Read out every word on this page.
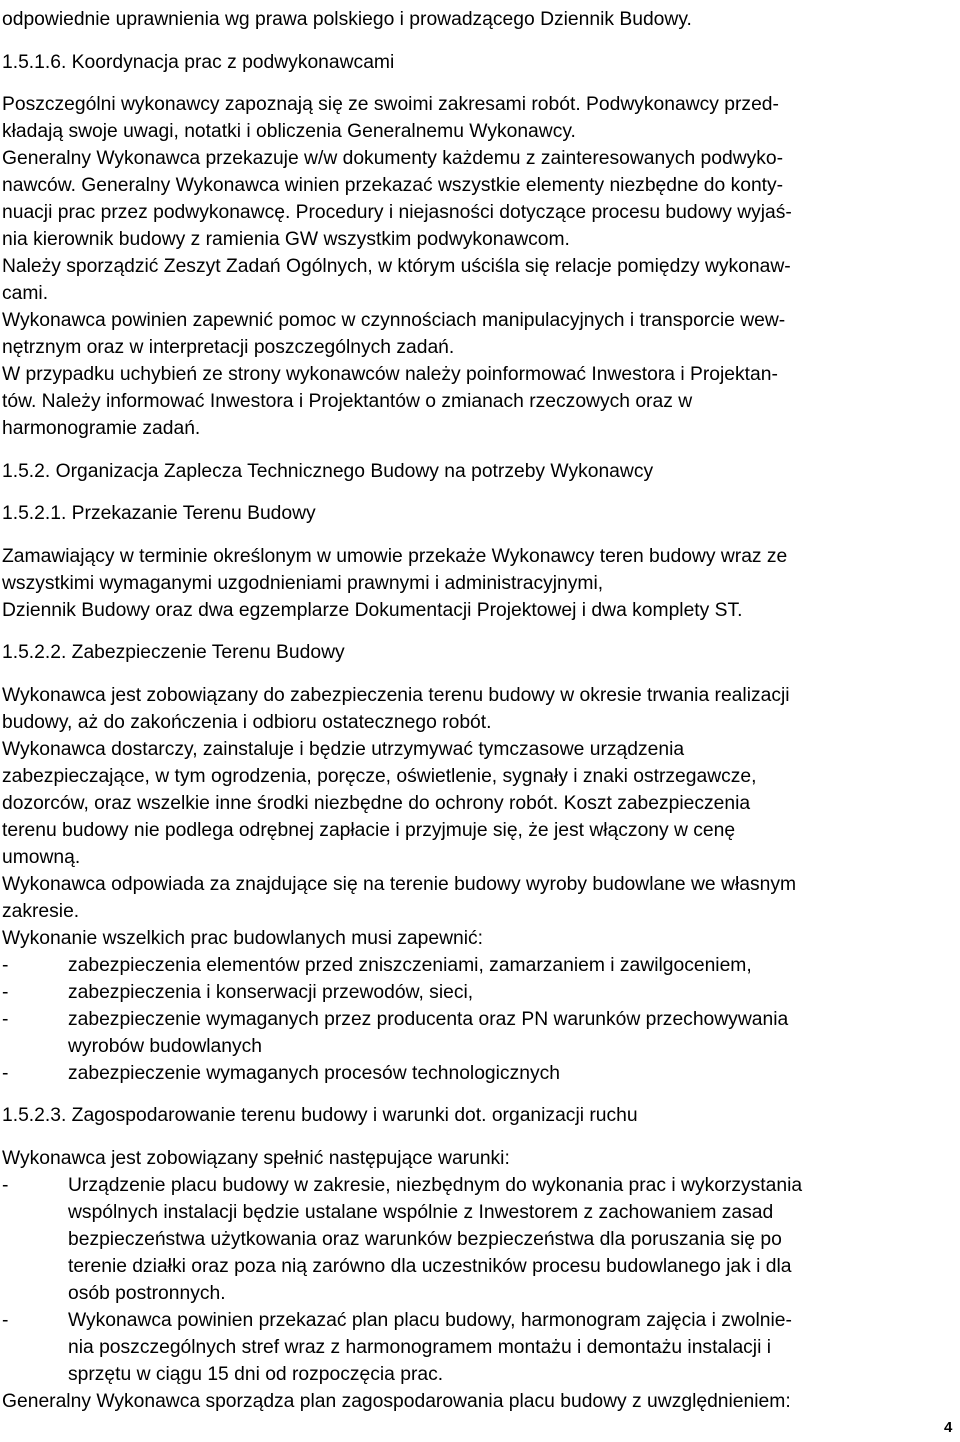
odpowiednie uprawnienia wg prawa polskiego i prowadzącego Dziennik Budowy.
1.5.1.6. Koordynacja prac z podwykonawcami
Poszczególni wykonawcy zapoznają się ze swoimi zakresami robót. Podwykonawcy przed-
kładają swoje uwagi, notatki i obliczenia Generalnemu Wykonawcy.
Generalny Wykonawca przekazuje w/w dokumenty każdemu z zainteresowanych podwyko-
nawców. Generalny Wykonawca winien przekazać wszystkie elementy niezbędne do konty-
nuacji prac przez podwykonawcę. Procedury i niejasności dotyczące procesu budowy wyjaś-
nia kierownik budowy z ramienia GW wszystkim podwykonawcom.
Należy sporządzić Zeszyt Zadań Ogólnych, w którym uściśla się relacje pomiędzy wykonaw-
cami.
Wykonawca powinien zapewnić pomoc w czynnościach manipulacyjnych i transporcie wew-
nętrznym oraz w interpretacji poszczególnych zadań.
W przypadku uchybień ze strony wykonawców należy poinformować Inwestora i Projektan-
tów. Należy informować Inwestora i Projektantów o zmianach rzeczowych oraz w
harmonogramie zadań.
1.5.2. Organizacja Zaplecza Technicznego Budowy na potrzeby Wykonawcy
1.5.2.1. Przekazanie Terenu Budowy
Zamawiający w terminie określonym w umowie przekaże Wykonawcy teren budowy wraz ze
wszystkimi wymaganymi uzgodnieniami prawnymi i administracyjnymi,
Dziennik Budowy oraz dwa egzemplarze Dokumentacji Projektowej i dwa komplety ST.
1.5.2.2. Zabezpieczenie Terenu Budowy
Wykonawca jest zobowiązany do zabezpieczenia terenu budowy w okresie trwania realizacji
budowy, aż do zakończenia i odbioru ostatecznego robót.
Wykonawca dostarczy, zainstaluje i będzie utrzymywać tymczasowe urządzenia
zabezpieczające, w tym ogrodzenia, poręcze, oświetlenie, sygnały i znaki ostrzegawcze,
dozorców, oraz wszelkie inne środki niezbędne do ochrony robót. Koszt zabezpieczenia
terenu budowy nie podlega odrębnej zapłacie i przyjmuje się, że jest włączony w cenę
umowną.
Wykonawca odpowiada za znajdujące się na terenie budowy wyroby budowlane we własnym
zakresie.
Wykonanie wszelkich prac budowlanych musi zapewnić:
-	zabezpieczenia elementów przed zniszczeniami, zamarzaniem i zawilgoceniem,
-	zabezpieczenia i konserwacji przewodów, sieci,
-	zabezpieczenie wymaganych przez producenta oraz PN warunków przechowywania
wyrobów budowlanych
-	zabezpieczenie wymaganych procesów technologicznych
1.5.2.3. Zagospodarowanie terenu budowy i warunki dot. organizacji ruchu
Wykonawca jest zobowiązany spełnić następujące warunki:
-	Urządzenie placu budowy w zakresie, niezbędnym do wykonania prac i wykorzystania
wspólnych instalacji będzie ustalane wspólnie z Inwestorem z zachowaniem zasad
bezpieczeństwa użytkowania oraz warunków bezpieczeństwa dla poruszania się po
terenie działki oraz poza nią zarówno dla uczestników procesu budowlanego jak i dla
osób postronnych.
-	Wykonawca powinien przekazać plan placu budowy, harmonogram zajęcia i zwolnie-
nia poszczególnych stref wraz z harmonogramem montażu i demontażu instalacji i
sprzętu w ciągu 15 dni od rozpoczęcia prac.
Generalny Wykonawca sporządza plan zagospodarowania placu budowy z uwzględnieniem:
4
